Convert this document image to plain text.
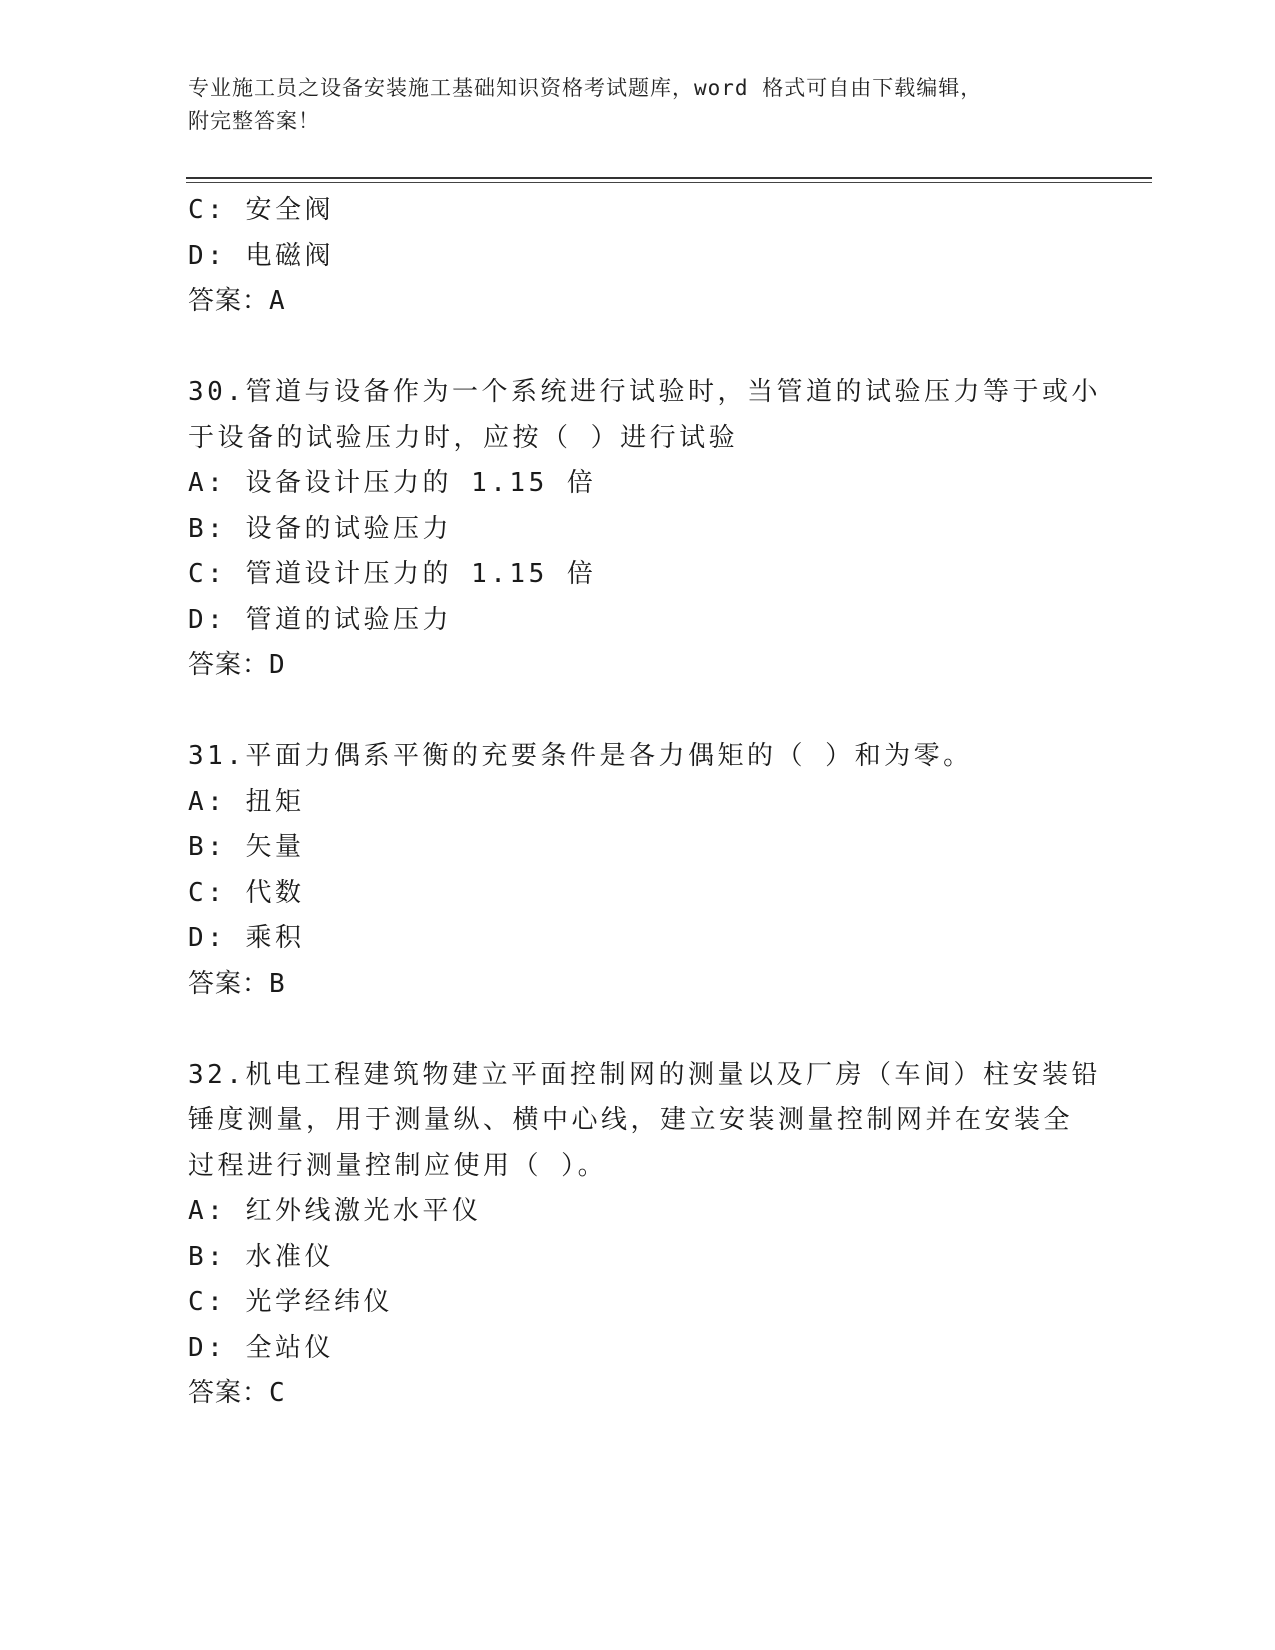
专业施工员之设备安装施工基础知识资格考试题库，word 格式可自由下载编辑，
附完整答案！
C: 安全阀
D: 电磁阀
答案：A
30.管道与设备作为一个系统进行试验时，当管道的试验压力等于或小
于设备的试验压力时，应按（ ）进行试验
A: 设备设计压力的 1.15 倍
B: 设备的试验压力
C: 管道设计压力的 1.15 倍
D: 管道的试验压力
答案：D
31.平面力偶系平衡的充要条件是各力偶矩的（ ）和为零。
A: 扭矩
B: 矢量
C: 代数
D: 乘积
答案：B
32.机电工程建筑物建立平面控制网的测量以及厂房（车间）柱安装铅
锤度测量，用于测量纵、横中心线，建立安装测量控制网并在安装全
过程进行测量控制应使用（ ）。
A: 红外线激光水平仪
B: 水准仪
C: 光学经纬仪
D: 全站仪
答案：C
